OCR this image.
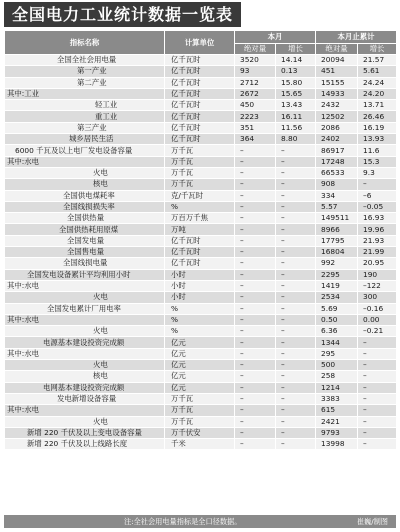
全国电力工业统计数据一览表
指标名称	计算单位	本月		本月止累计	
		绝对量	增长	绝对量	增长
全国全社会用电量	亿千瓦时	3520	14.14	20094	21.57
第一产业	亿千瓦时	93	0.13	451	5.61
第二产业	亿千瓦时	2712	15.80	15155	24.24
其中:工业	亿千瓦时	2672	15.65	14933	24.20
轻工业	亿千瓦时	450	13.43	2432	13.71
重工业	亿千瓦时	2223	16.11	12502	26.46
第三产业	亿千瓦时	351	11.56	2086	16.19
城乡居民生活	亿千瓦时	364	8.80	2402	13.93
6000 千瓦及以上电厂发电设备容量	万千瓦	–	–	86917	11.6
其中:水电	万千瓦	–	–	17248	15.3
火电	万千瓦	–	–	66533	9.3
核电	万千瓦	–	–	908	–
全国供电煤耗率	克/千瓦时	–	–	334	–6
全国线损损失率	%	–	–	5.57	–0.05
全国供热量	万百万千焦	–	–	149511	16.93
全国供热耗用原煤	万吨	–	–	8966	19.96
全国发电量	亿千瓦时	–	–	17795	21.93
全国售电量	亿千瓦时	–	–	16804	21.99
全国线损电量	亿千瓦时	–	–	992	20.95
全国发电设备累计平均利用小时	小时	–	–	2295	190
其中:水电	小时	–	–	1419	–122
火电	小时	–	–	2534	300
全国发电累计厂用电率	%	–	–	5.69	–0.16
其中:水电	%	–	–	0.50	0.00
火电	%	–	–	6.36	–0.21
电源基本建设投资完成额	亿元	–	–	1344	–
其中:水电	亿元	–	–	295	–
火电	亿元	–	–	500	–
核电	亿元	–	–	258	–
电网基本建设投资完成额	亿元	–	–	1214	–
发电新增设备容量	万千瓦	–	–	3383	–
其中:水电	万千瓦	–	–	615	–
火电	万千瓦	–	–	2421	–
新增 220 千伏及以上变电设备容量	万千伏安	–	–	9793	–
新增 220 千伏及以上线路长度	千米	–	–	13998	–
注:全社会用电量指标是全口径数据。	崔巍/制图
